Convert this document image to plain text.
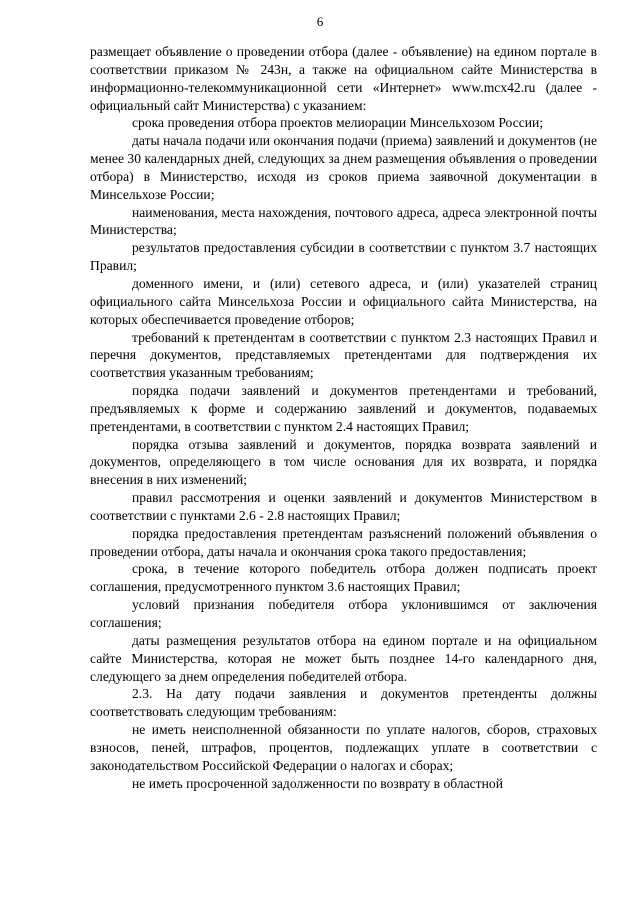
6

размещает объявление о проведении отбора (далее - объявление) на едином портале в соответствии приказом № 243н, а также на официальном сайте Министерства в информационно-телекоммуникационной сети «Интернет» www.mcx42.ru (далее - официальный сайт Министерства) с указанием:

срока проведения отбора проектов мелиорации Минсельхозом России;

даты начала подачи или окончания подачи (приема) заявлений и документов (не менее 30 календарных дней, следующих за днем размещения объявления о проведении отбора) в Министерство, исходя из сроков приема заявочной документации в Минсельхозе России;

наименования, места нахождения, почтового адреса, адреса электронной почты Министерства;

результатов предоставления субсидии в соответствии с пунктом 3.7 настоящих Правил;

доменного имени, и (или) сетевого адреса, и (или) указателей страниц официального сайта Минсельхоза России и официального сайта Министерства, на которых обеспечивается проведение отборов;

требований к претендентам в соответствии с пунктом 2.3 настоящих Правил и перечня документов, представляемых претендентами для подтверждения их соответствия указанным требованиям;

порядка подачи заявлений и документов претендентами и требований, предъявляемых к форме и содержанию заявлений и документов, подаваемых претендентами, в соответствии с пунктом 2.4 настоящих Правил;

порядка отзыва заявлений и документов, порядка возврата заявлений и документов, определяющего в том числе основания для их возврата, и порядка внесения в них изменений;

правил рассмотрения и оценки заявлений и документов Министерством в соответствии с пунктами 2.6 - 2.8 настоящих Правил;

порядка предоставления претендентам разъяснений положений объявления о проведении отбора, даты начала и окончания срока такого предоставления;

срока, в течение которого победитель отбора должен подписать проект соглашения, предусмотренного пунктом 3.6 настоящих Правил;

условий признания победителя отбора уклонившимся от заключения соглашения;

даты размещения результатов отбора на едином портале и на официальном сайте Министерства, которая не может быть позднее 14-го календарного дня, следующего за днем определения победителей отбора.

2.3. На дату подачи заявления и документов претенденты должны соответствовать следующим требованиям:

не иметь неисполненной обязанности по уплате налогов, сборов, страховых взносов, пеней, штрафов, процентов, подлежащих уплате в соответствии с законодательством Российской Федерации о налогах и сборах;

не иметь просроченной задолженности по возврату в областной
